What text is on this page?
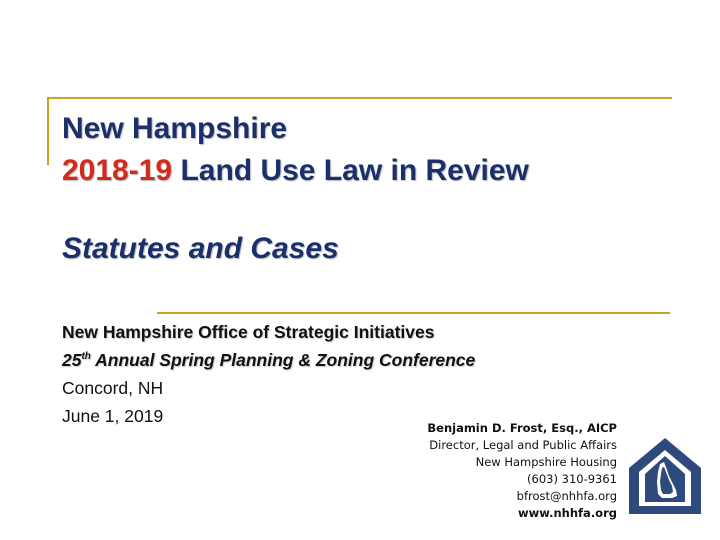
New Hampshire
2018-19 Land Use Law in Review
Statutes and Cases
New Hampshire Office of Strategic Initiatives
25th Annual Spring Planning & Zoning Conference
Concord, NH
June 1, 2019
Benjamin D. Frost, Esq., AICP
Director, Legal and Public Affairs
New Hampshire Housing
(603) 310-9361
bfrost@nhhfa.org
www.nhhfa.org
